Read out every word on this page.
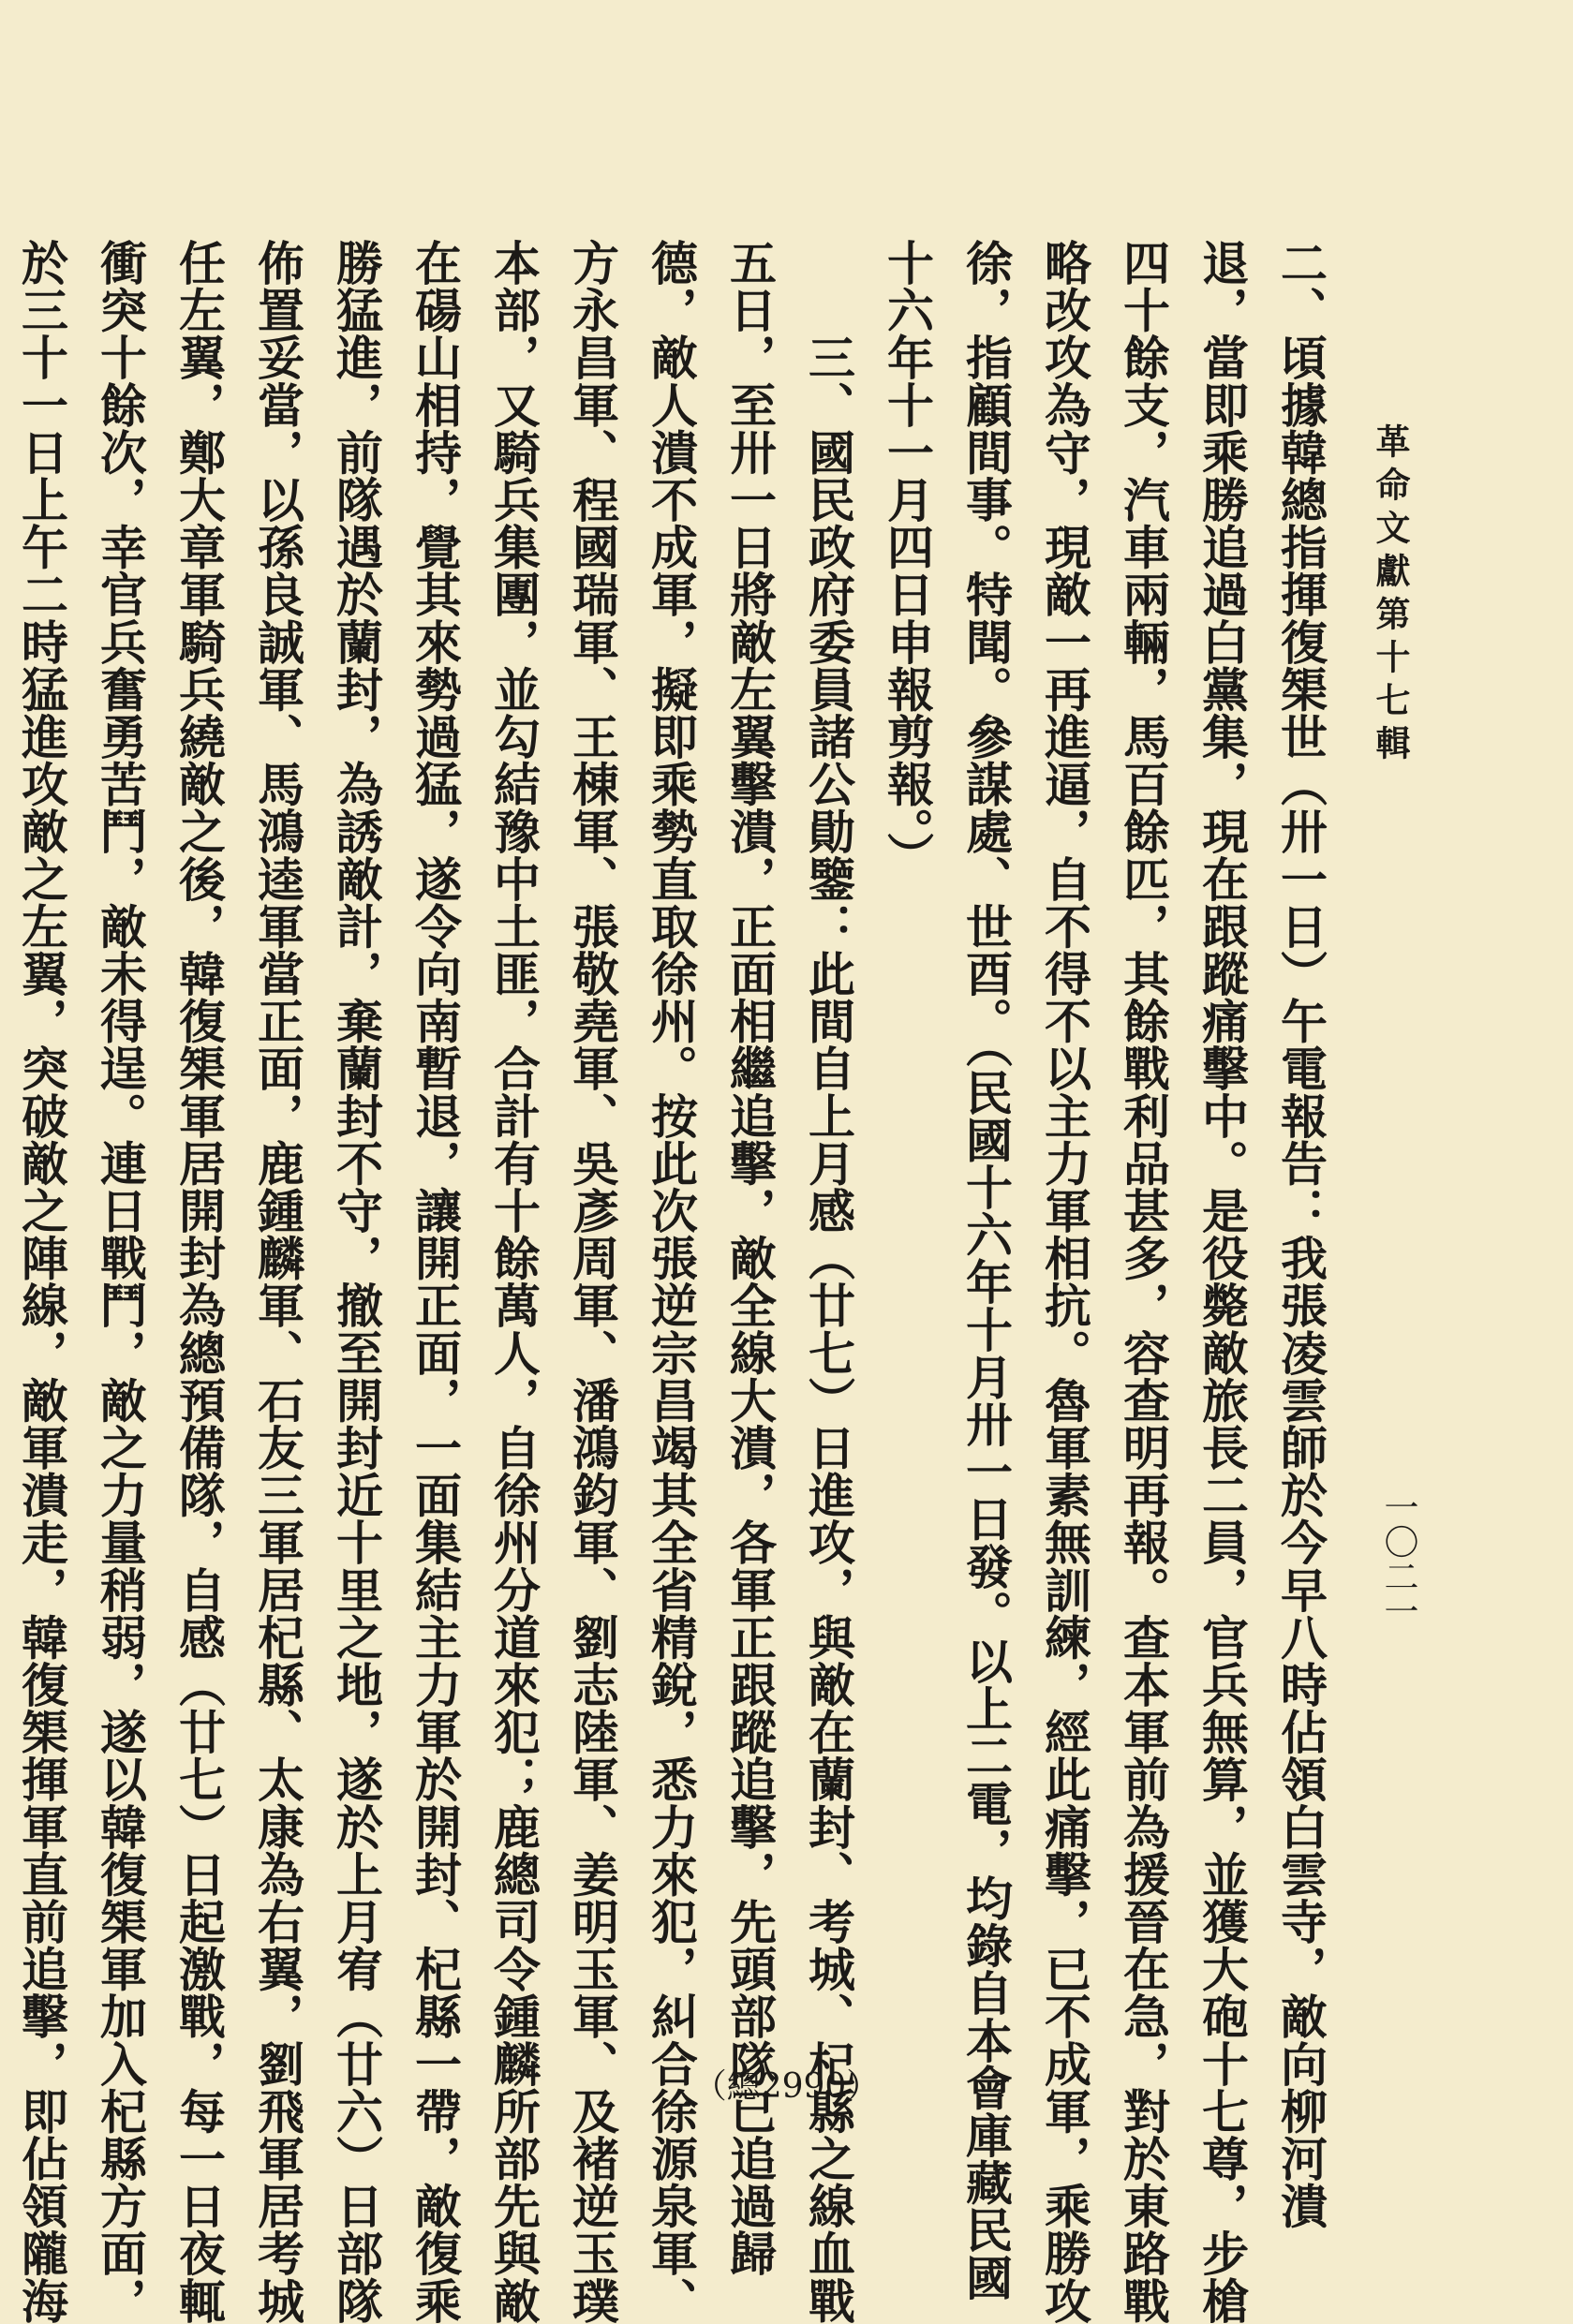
革命文獻第十七輯
一〇二一
二、頃據韓總指揮復榘世（卅一日）午電報告：我張凌雲師於今早八時佔領白雲寺，敵向柳河潰
退，當即乘勝追過白黨集，現在跟蹤痛擊中。是役斃敵旅長二員，官兵無算，並獲大砲十七尊，步槍
四十餘支，汽車兩輛，馬百餘匹，其餘戰利品甚多，容查明再報。查本軍前為援晉在急，對於東路戰
略改攻為守，現敵一再進逼，自不得不以主力軍相抗。魯軍素無訓練，經此痛擊，已不成軍，乘勝攻
徐，指顧間事。特聞。參謀處、世酉。（民國十六年十月卅一日發。以上二電，均錄自本會庫藏民國
十六年十一月四日申報剪報。）
　　三、國民政府委員諸公勛鑒：此間自上月感（廿七）日進攻，與敵在蘭封、考城、杞縣之線血戰
五日，至卅一日將敵左翼擊潰，正面相繼追擊，敵全線大潰，各軍正跟蹤追擊，先頭部隊已追過歸
德，敵人潰不成軍，擬即乘勢直取徐州。按此次張逆宗昌竭其全省精銳，悉力來犯，糾合徐源泉軍、
方永昌軍、程國瑞軍、王棟軍、張敬堯軍、吳彥周軍、潘鴻鈞軍、劉志陸軍、姜明玉軍、及褚逆玉璞
本部，又騎兵集團，並勾結豫中土匪，合計有十餘萬人，自徐州分道來犯；鹿總司令鍾麟所部先與敵
在碭山相持，覺其來勢過猛，遂令向南暫退，讓開正面，一面集結主力軍於開封、杞縣一帶，敵復乘
勝猛進，前隊遇於蘭封，為誘敵計，棄蘭封不守，撤至開封近十里之地，遂於上月宥（廿六）日部隊
佈置妥當，以孫良誠軍、馬鴻逵軍當正面，鹿鍾麟軍、石友三軍居杞縣、太康為右翼，劉飛軍居考城
任左翼，鄭大章軍騎兵繞敵之後，韓復榘軍居開封為總預備隊，自感（廿七）日起激戰，每一日夜輒
衝突十餘次，幸官兵奮勇苦鬥，敵未得逞。連日戰鬥，敵之力量稍弱，遂以韓復榘軍加入杞縣方面，
於三十一日上午二時猛進攻敵之左翼，突破敵之陣線，敵軍潰走，韓復榘揮軍直前追擊，即佔領隴海	（總2990）
